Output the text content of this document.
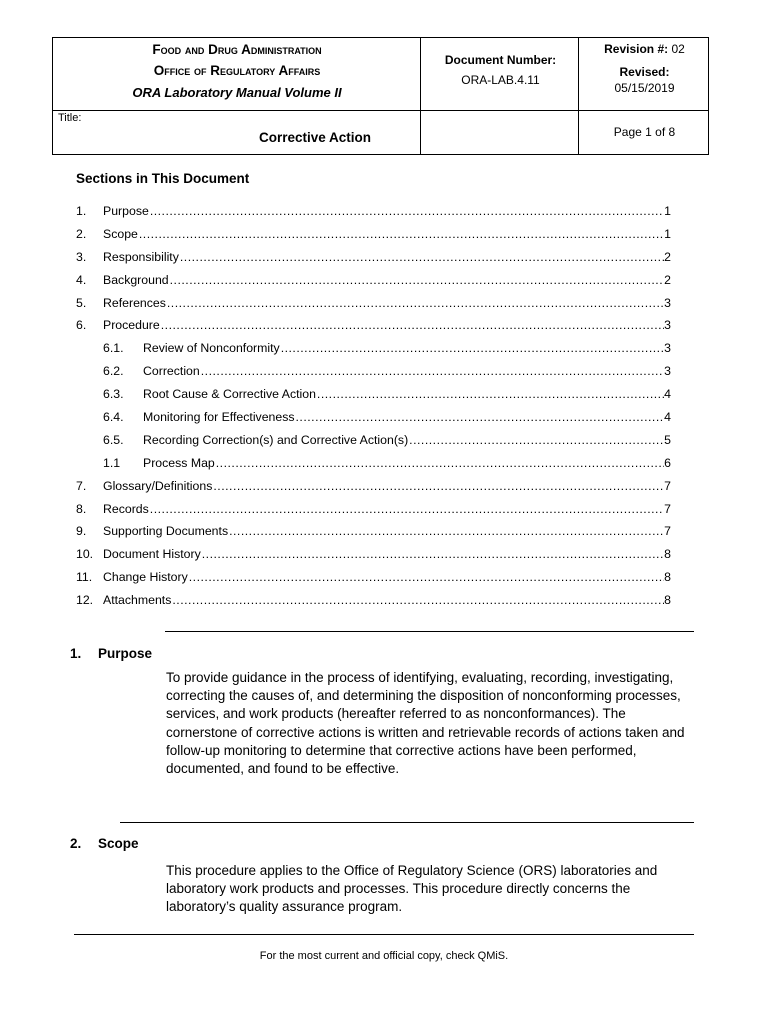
Food and Drug Administration
Office of Regulatory Affairs
ORA Laboratory Manual Volume II
Document Number:
ORA-LAB.4.11
Revision #: 02
Revised:
05/15/2019
Title:
Corrective Action	Page 1 of 8
Sections in This Document
1.	Purpose .....	1
2.	Scope .....	1
3.	Responsibility .....	2
4.	Background .....	2
5.	References .....	3
6.	Procedure .....	3
6.1.	Review of Nonconformity .....	3
6.2.	Correction .....	3
6.3.	Root Cause & Corrective Action .....	4
6.4.	Monitoring for Effectiveness .....	4
6.5.	Recording Correction(s) and Corrective Action(s) .....	5
1.1	Process Map .....	6
7.	Glossary/Definitions .....	7
8.	Records .....	7
9.	Supporting Documents .....	7
10. Document History .....	8
11. Change History .....	8
12. Attachments .....	8
1. Purpose
To provide guidance in the process of identifying, evaluating, recording, investigating, correcting the causes of, and determining the disposition of nonconforming processes, services, and work products (hereafter referred to as nonconformances). The cornerstone of corrective actions is written and retrievable records of actions taken and follow-up monitoring to determine that corrective actions have been performed, documented, and found to be effective.
2. Scope
This procedure applies to the Office of Regulatory Science (ORS) laboratories and laboratory work products and processes. This procedure directly concerns the laboratory’s quality assurance program.
For the most current and official copy, check QMiS.
